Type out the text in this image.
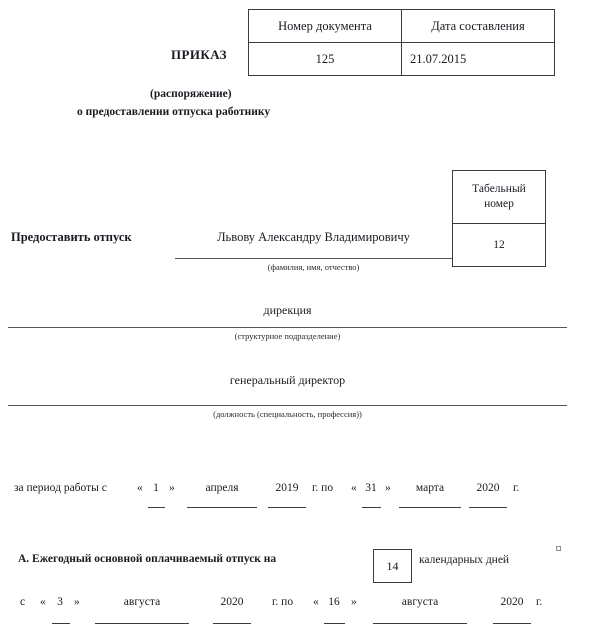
ПРИКАЗ
Номер документа	Дата составления
125	21.07.2015
(распоряжение)
о предоставлении отпуска работнику
Предоставить отпуск	Львову Александру Владимировичу
(фамилия, имя, отчество)
Табельный
номер
12
дирекция
(структурное подразделение)
генеральный директор
(должность (специальность, профессия))
за период работы с	« 1 »	апреля	2019	г. по « 31 »	марта	2020	г.
А. Ежегодный основной оплачиваемый отпуск на	14	календарных дней
с « 3 »	августа	2020	г. по « 16 »	августа	2020	г.
